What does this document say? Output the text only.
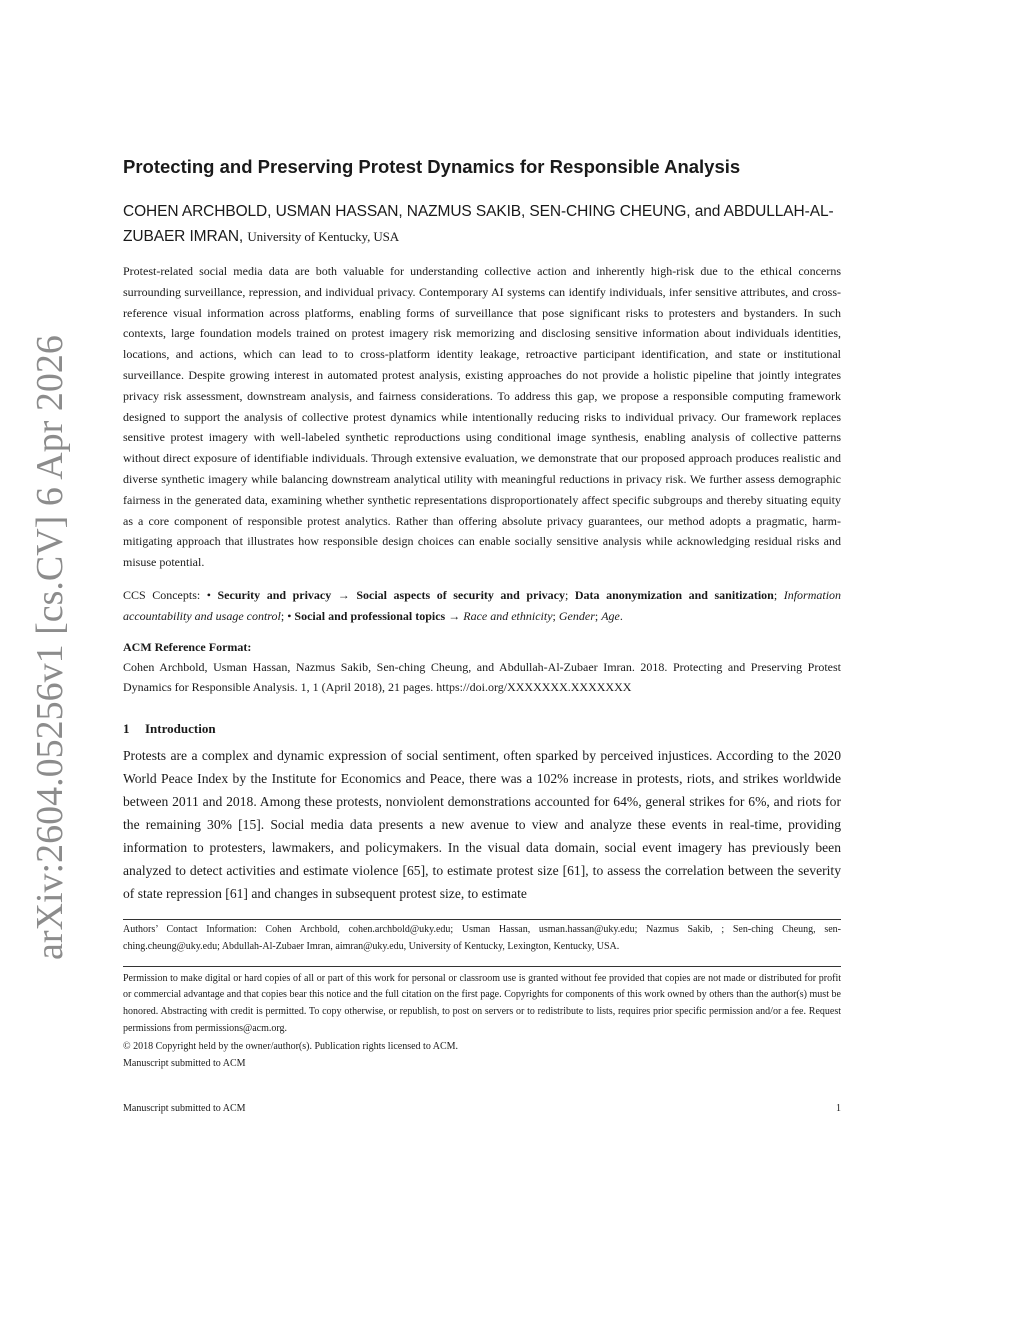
arXiv:2604.05256v1 [cs.CV] 6 Apr 2026
Protecting and Preserving Protest Dynamics for Responsible Analysis
COHEN ARCHBOLD, USMAN HASSAN, NAZMUS SAKIB, SEN-CHING CHEUNG, and ABDULLAH-AL-ZUBAER IMRAN, University of Kentucky, USA

Protest-related social media data are both valuable for understanding collective action and inherently high-risk due to the ethical concerns surrounding surveillance, repression, and individual privacy. Contemporary AI systems can identify individuals, infer sensitive attributes, and cross-reference visual information across platforms, enabling forms of surveillance that pose significant risks to protesters and bystanders. In such contexts, large foundation models trained on protest imagery risk memorizing and disclosing sensitive information about individuals identities, locations, and actions, which can lead to to cross-platform identity leakage, retroactive participant identification, and state or institutional surveillance. Despite growing interest in automated protest analysis, existing approaches do not provide a holistic pipeline that jointly integrates privacy risk assessment, downstream analysis, and fairness considerations. To address this gap, we propose a responsible computing framework designed to support the analysis of collective protest dynamics while intentionally reducing risks to individual privacy. Our framework replaces sensitive protest imagery with well-labeled synthetic reproductions using conditional image synthesis, enabling analysis of collective patterns without direct exposure of identifiable individuals. Through extensive evaluation, we demonstrate that our proposed approach produces realistic and diverse synthetic imagery while balancing downstream analytical utility with meaningful reductions in privacy risk. We further assess demographic fairness in the generated data, examining whether synthetic representations disproportionately affect specific subgroups and thereby situating equity as a core component of responsible protest analytics. Rather than offering absolute privacy guarantees, our method adopts a pragmatic, harm-mitigating approach that illustrates how responsible design choices can enable socially sensitive analysis while acknowledging residual risks and misuse potential.

CCS Concepts: • Security and privacy → Social aspects of security and privacy; Data anonymization and sanitization; Information accountability and usage control; • Social and professional topics → Race and ethnicity; Gender; Age.
ACM Reference Format:
Cohen Archbold, Usman Hassan, Nazmus Sakib, Sen-ching Cheung, and Abdullah-Al-Zubaer Imran. 2018. Protecting and Preserving Protest Dynamics for Responsible Analysis. 1, 1 (April 2018), 21 pages. https://doi.org/XXXXXXX.XXXXXXX
1 Introduction

Protests are a complex and dynamic expression of social sentiment, often sparked by perceived injustices. According to the 2020 World Peace Index by the Institute for Economics and Peace, there was a 102% increase in protests, riots, and strikes worldwide between 2011 and 2018. Among these protests, nonviolent demonstrations accounted for 64%, general strikes for 6%, and riots for the remaining 30% [15]. Social media data presents a new avenue to view and analyze these events in real-time, providing information to protesters, lawmakers, and policymakers. In the visual data domain, social event imagery has previously been analyzed to detect activities and estimate violence [65], to estimate protest size [61], to assess the correlation between the severity of state repression [61] and changes in subsequent protest size, to estimate

Authors’ Contact Information: Cohen Archbold, cohen.archbold@uky.edu; Usman Hassan, usman.hassan@uky.edu; Nazmus Sakib, ; Sen-ching Cheung, sen-ching.cheung@uky.edu; Abdullah-Al-Zubaer Imran, aimran@uky.edu, University of Kentucky, Lexington, Kentucky, USA.
Permission to make digital or hard copies of all or part of this work for personal or classroom use is granted without fee provided that copies are not made or distributed for profit or commercial advantage and that copies bear this notice and the full citation on the first page. Copyrights for components of this work owned by others than the author(s) must be honored. Abstracting with credit is permitted. To copy otherwise, or republish, to post on servers or to redistribute to lists, requires prior specific permission and/or a fee. Request permissions from permissions@acm.org.
© 2018 Copyright held by the owner/author(s). Publication rights licensed to ACM.
Manuscript submitted to ACM
Manuscript submitted to ACM	1
